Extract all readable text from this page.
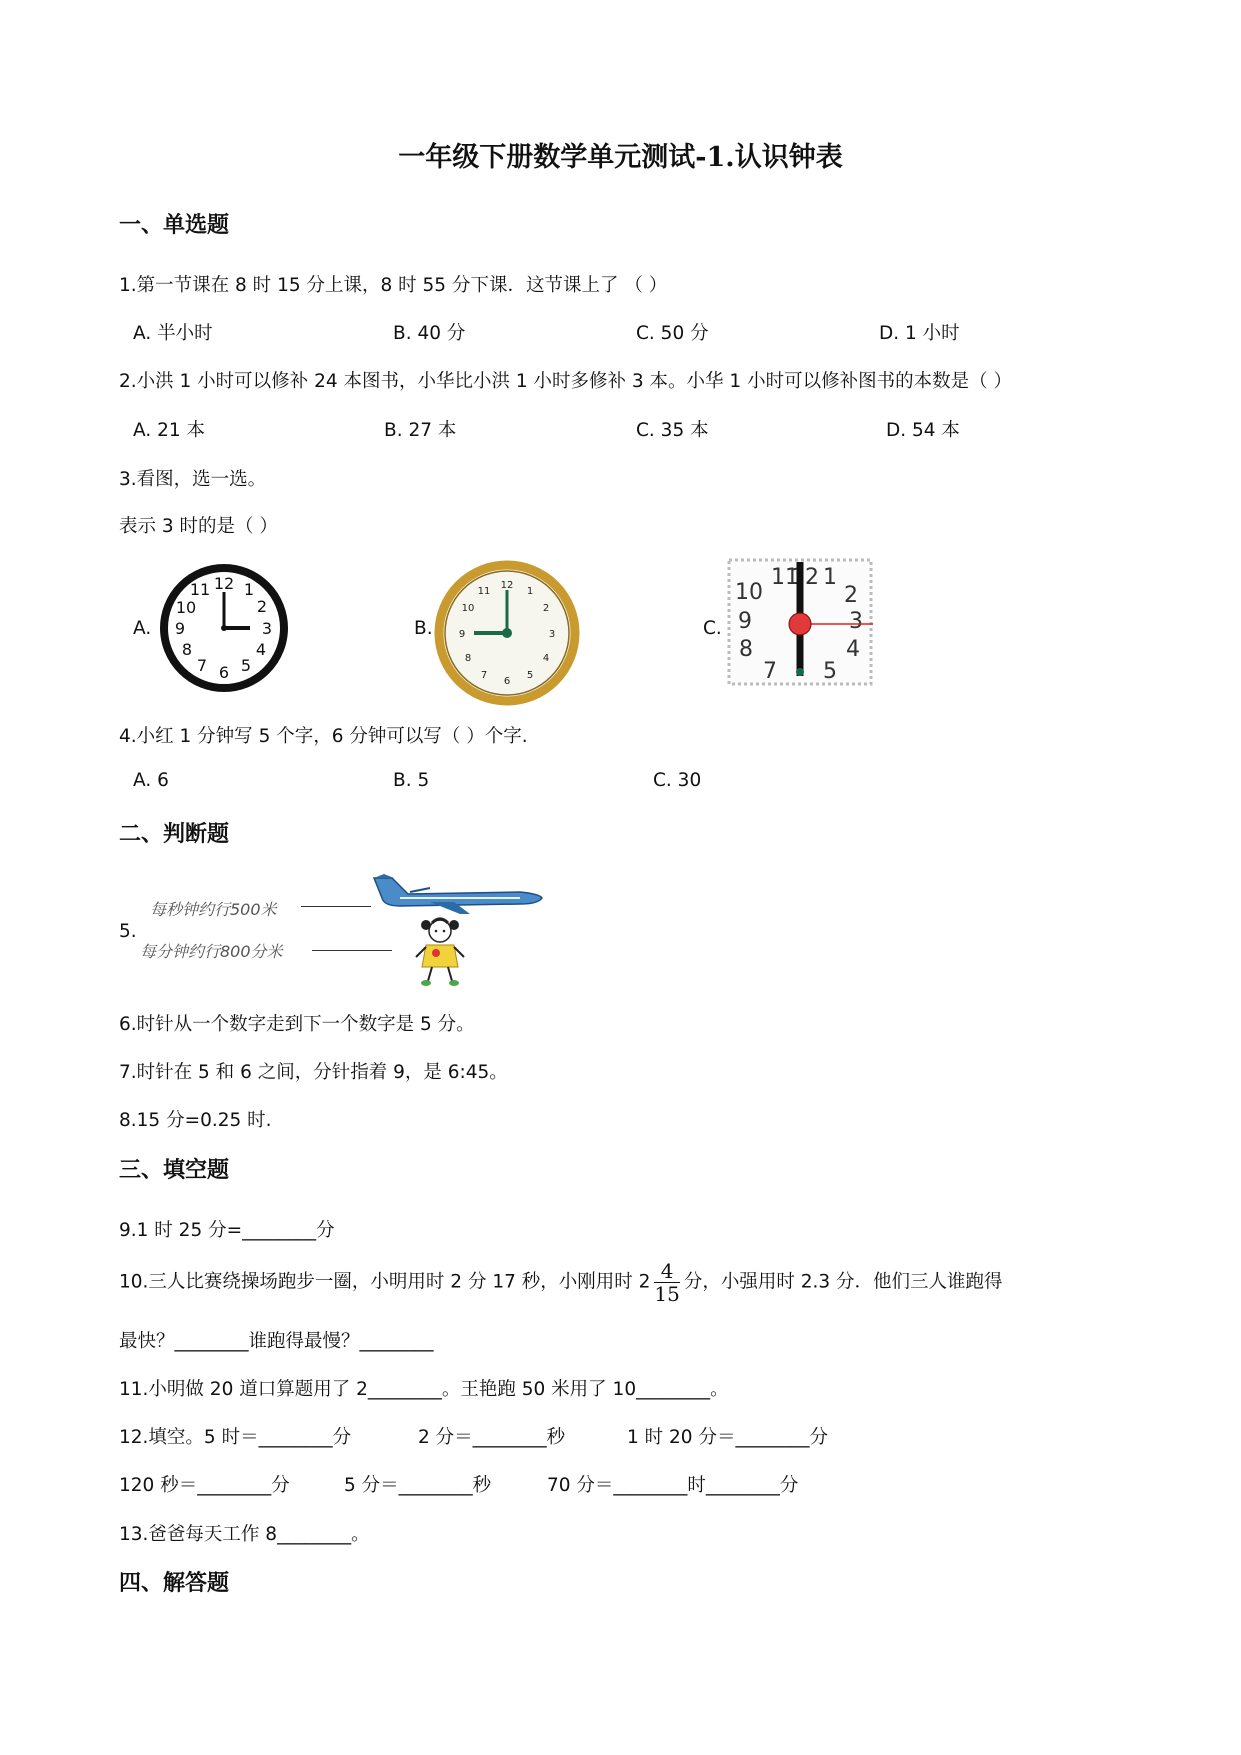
一年级下册数学单元测试-1.认识钟表
一、单选题
1.第一节课在 8 时 15 分上课，8 时 55 分下课．这节课上了 （ ）
A. 半小时	B. 40 分	C. 50 分	D. 1 小时
2.小洪 1 小时可以修补 24 本图书，小华比小洪 1 小时多修补 3 本。小华 1 小时可以修补图书的本数是（ ）
A. 21 本	B. 27 本	C. 35 本	D. 54 本
3.看图，选一选。
表示 3 时的是（ ）
A.	B.	C.
12 1
2
3
4
5
6
7
8
9
10
11	12
1
2
3
4
5
6
7
8
9
10
11
11
12 1
2
10
9	3
8	4
7 5
4.小红 1 分钟写 5 个字，6 分钟可以写（ ）个字.
A. 6	B. 5	C. 30
二、判断题
5.
每秒钟约行500米
每分钟约行800分米
6.时针从一个数字走到下一个数字是 5 分。
7.时针在 5 和 6 之间，分针指着 9，是 6:45。
8.15 分=0.25 时.
三、填空题
9.1 时 25 分=________分
10.三人比赛绕操场跑步一圈，小明用时 2 分 17 秒，小刚用时 $2 \frac{4}{15}$ 分，小强用时 2.3 分．他们三人谁跑得
最快？________谁跑得最慢？________
11.小明做 20 道口算题用了 2________。王艳跑 50 米用了 10________。
12.填空。5 时＝________分	2 分＝________秒	1 时 20 分＝________分
120 秒＝________分	5 分＝________秒	70 分＝________时________分
13.爸爸每天工作 8________。
四、解答题
